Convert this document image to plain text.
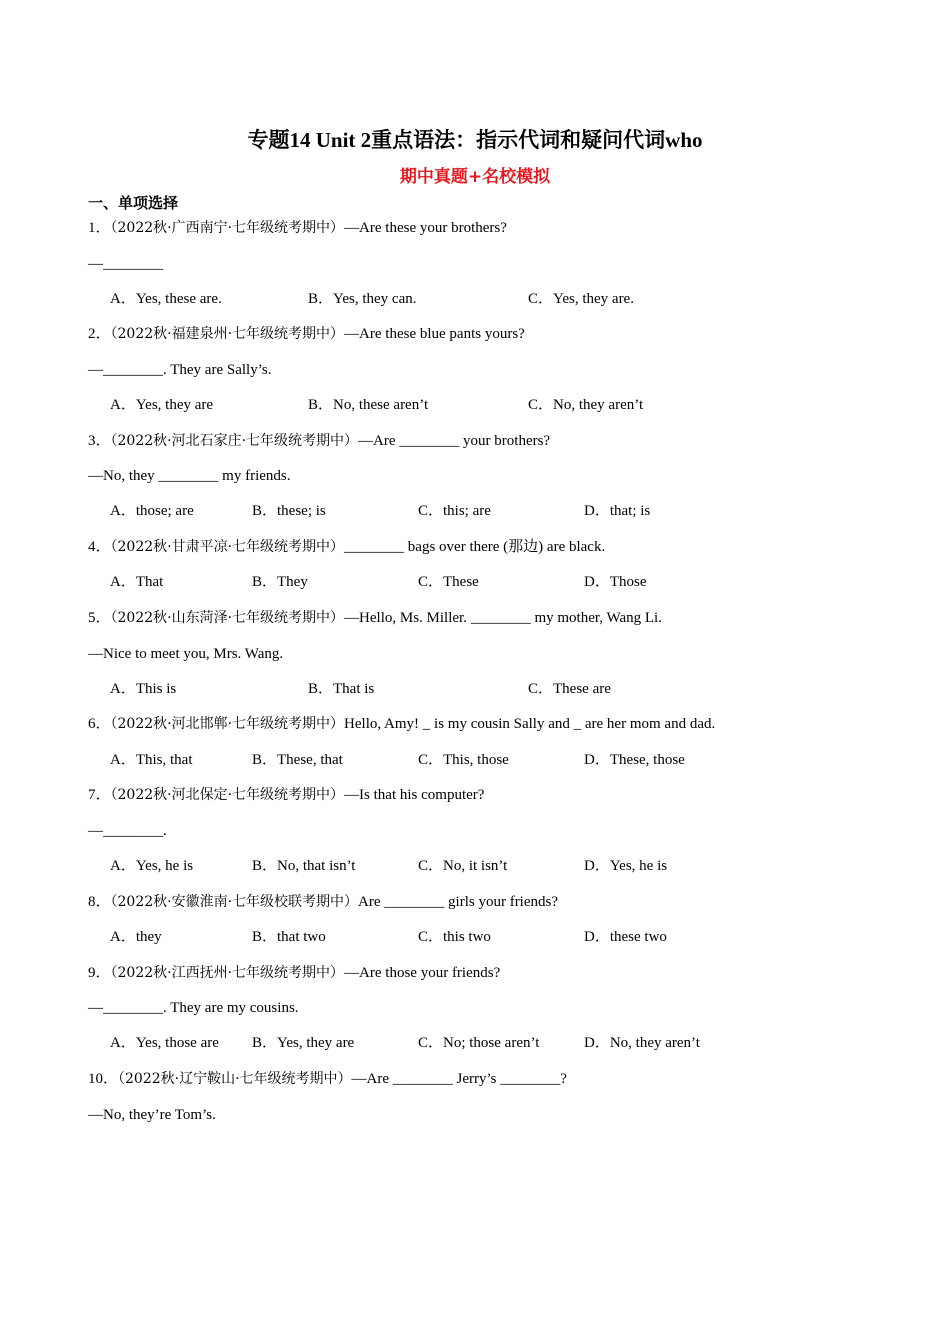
专题14 Unit 2重点语法：指示代词和疑问代词who
期中真题+名校模拟
一、单项选择
1．（2022秋·广西南宁·七年级统考期中）—Are these your brothers?
—________
A．Yes, these are.	B．Yes, they can.	C．Yes, they are.
2．（2022秋·福建泉州·七年级统考期中）—Are these blue pants yours?
—________. They are Sally’s.
A．Yes, they are	B．No, these aren’t	C．No, they aren’t
3．（2022秋·河北石家庄·七年级统考期中）—Are ________ your brothers?
—No, they ________ my friends.
A．those; are	B．these; is	C．this; are	D．that; is
4．（2022秋·甘肃平凉·七年级统考期中）________ bags over there (那边) are black.
A．That	B．They	C．These	D．Those
5．（2022秋·山东菏泽·七年级统考期中）—Hello, Ms. Miller. ________ my mother, Wang Li.
—Nice to meet you, Mrs. Wang.
A．This is	B．That is	C．These are
6．（2022秋·河北邯郸·七年级统考期中）Hello, Amy! _ is my cousin Sally and _ are her mom and dad.
A．This, that	B．These, that	C．This, those	D．These, those
7．（2022秋·河北保定·七年级统考期中）—Is that his computer?
—________.
A．Yes, he is	B．No, that isn’t	C．No, it isn’t	D．Yes, he is
8．（2022秋·安徽淮南·七年级校联考期中）Are ________ girls your friends?
A．they	B．that two	C．this two	D．these two
9．（2022秋·江西抚州·七年级统考期中）—Are those your friends?
—________. They are my cousins.
A．Yes, those are B．Yes, they are	C．No; those aren’t	D．No, they aren’t
10．（2022秋·辽宁鞍山·七年级统考期中）—Are ________ Jerry’s ________?
—No, they’re Tom’s.
